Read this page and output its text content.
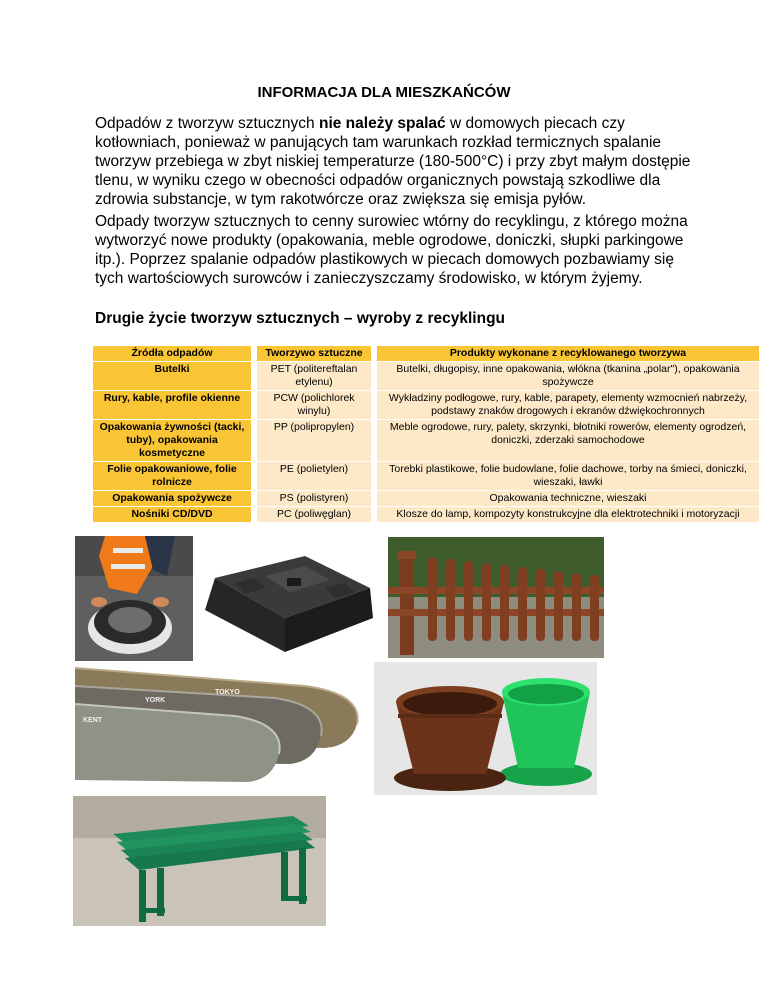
INFORMACJA DLA MIESZKAŃCÓW
Odpadów z tworzyw sztucznych nie należy spalać w domowych piecach czy kotłowniach, ponieważ w panujących tam warunkach rozkład termicznych spalanie tworzyw przebiega w zbyt niskiej temperaturze (180-500°C) i przy zbyt małym dostępie tlenu, w wyniku czego w obecności odpadów organicznych powstają szkodliwe dla zdrowia substancje, w tym rakotwórcze oraz zwiększa się emisja pyłów.
Odpady tworzyw sztucznych to cenny surowiec wtórny do recyklingu, z którego można wytworzyć nowe produkty (opakowania, meble ogrodowe, doniczki, słupki parkingowe itp.). Poprzez spalanie odpadów plastikowych w piecach domowych pozbawiamy się tych wartościowych surowców i zanieczyszczamy środowisko, w którym żyjemy.
Drugie życie tworzyw sztucznych – wyroby z recyklingu
Źródła odpadów	Tworzywo sztuczne	Produkty wykonane z recyklowanego tworzywa
Butelki	PET (politereftalan etylenu)	Butelki, długopisy, inne opakowania, włókna (tkanina „polar"), opakowania spożywcze
Rury, kable, profile okienne	PCW (polichlorek winylu)	Wykładziny podłogowe, rury, kable, parapety, elementy wzmocnień nabrzeży, podstawy znaków drogowych i ekranów dźwiękochronnych
Opakowania żywności (tacki, tuby), opakowania kosmetyczne	PP (polipropylen)	Meble ogrodowe, rury, palety, skrzynki, błotniki rowerów, elementy ogrodzeń, doniczki, zderzaki samochodowe
Folie opakowaniowe, folie rolnicze	PE (polietylen)	Torebki plastikowe, folie budowlane, folie dachowe, torby na śmieci, doniczki, wieszaki, ławki
Opakowania spożywcze	PS (polistyren)	Opakowania techniczne, wieszaki
Nośniki CD/DVD	PC (poliwęglan)	Klosze do lamp, kompozyty konstrukcyjne dla elektrotechniki i motoryzacji
KENT
YORK
TOKYO
